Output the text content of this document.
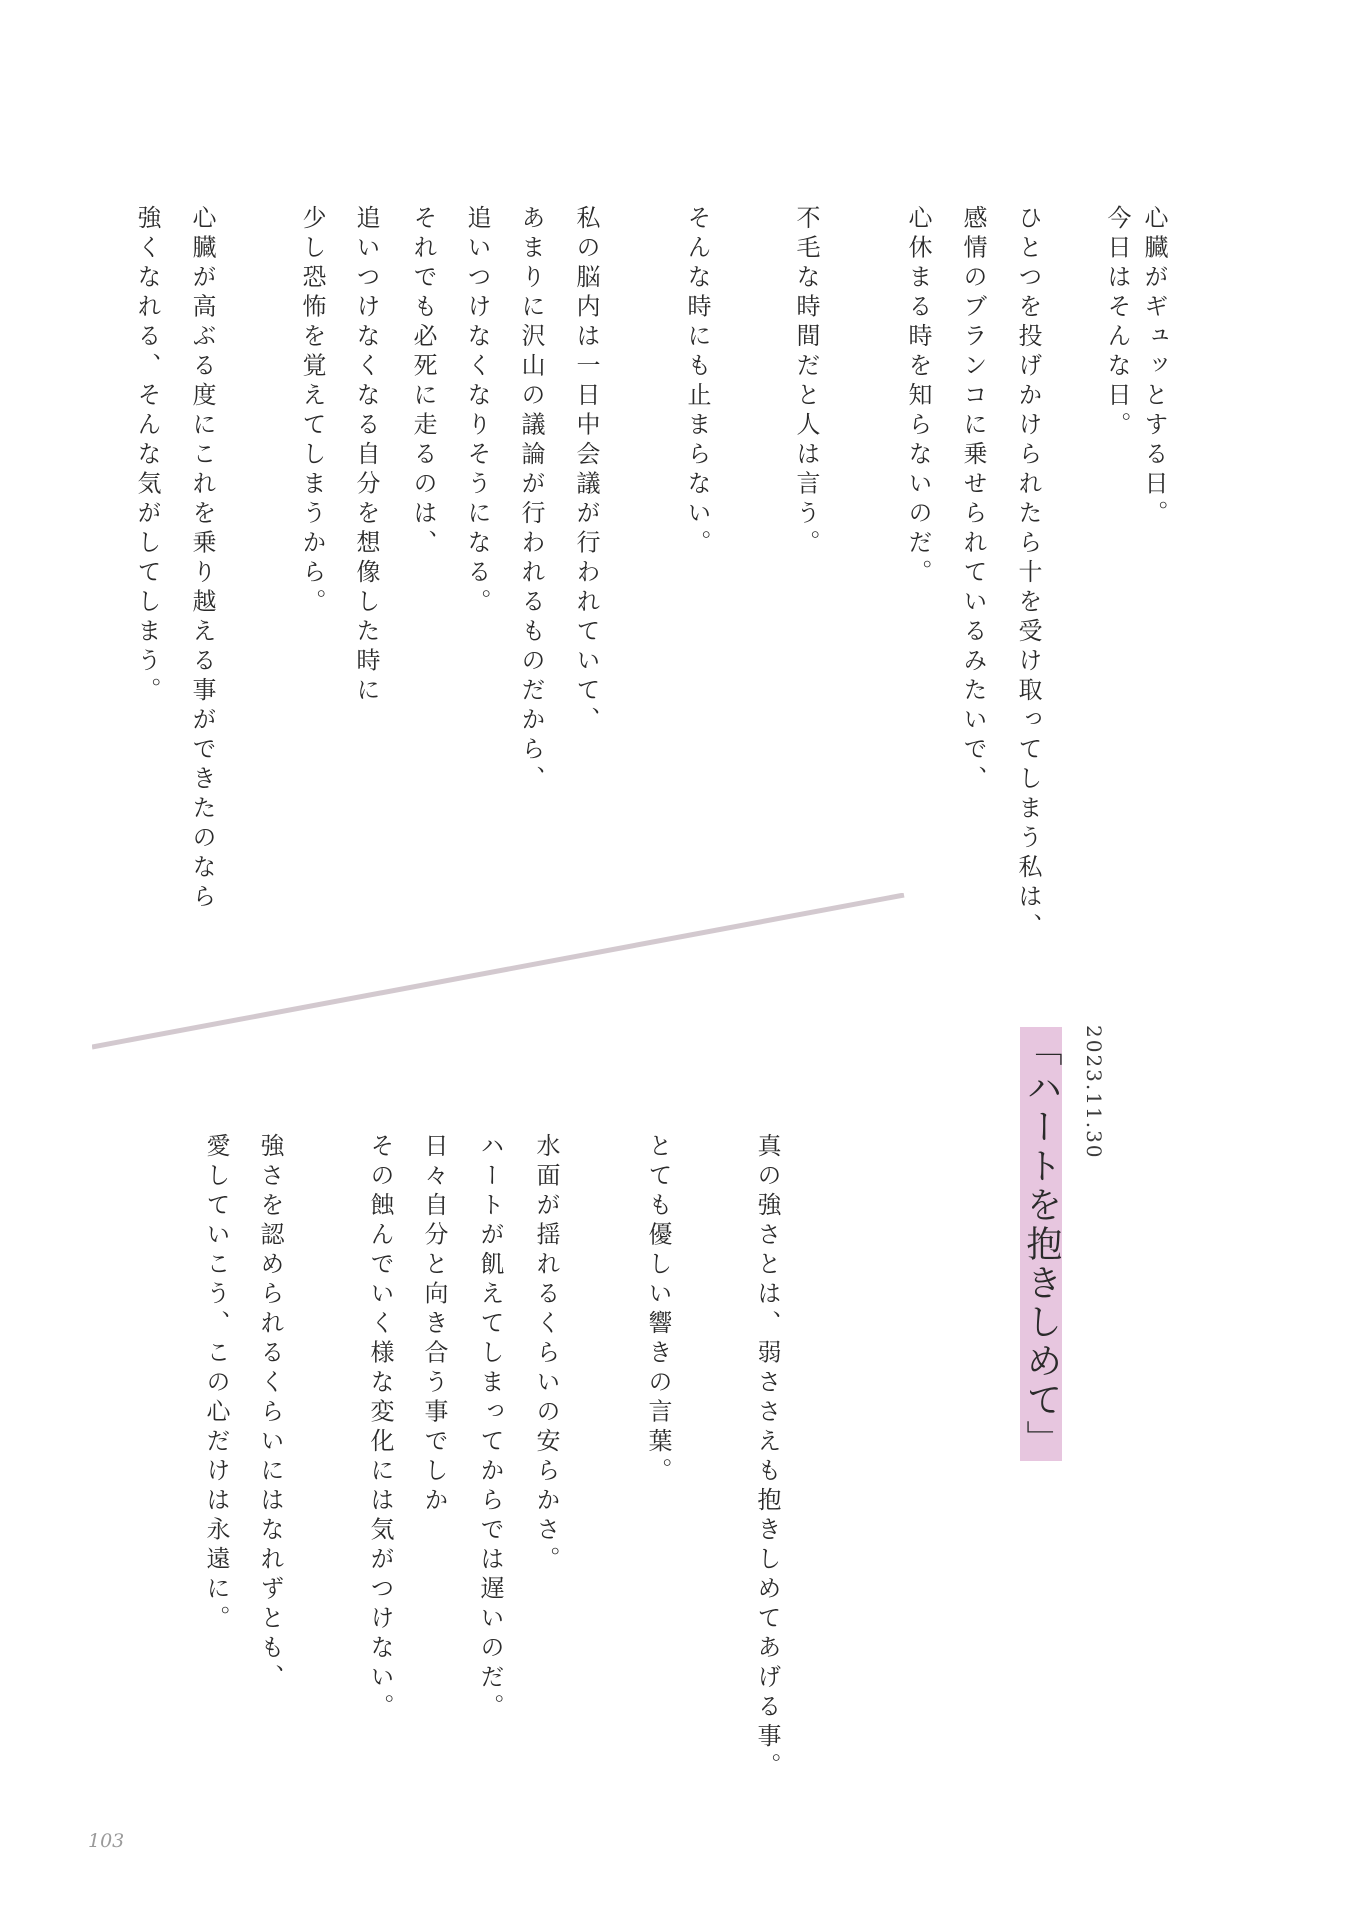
心臓がギュッとする日。
今日はそんな日。
ひとつを投げかけられたら十を受け取ってしまう私は、
感情のブランコに乗せられているみたいで、
心休まる時を知らないのだ。
不毛な時間だと人は言う。
そんな時にも止まらない。
私の脳内は一日中会議が行われていて、
あまりに沢山の議論が行われるものだから、
追いつけなくなりそうになる。
それでも必死に走るのは、
追いつけなくなる自分を想像した時に
少し恐怖を覚えてしまうから。
心臓が高ぶる度にこれを乗り越える事ができたのなら
強くなれる、そんな気がしてしまう。
「ハートを抱きしめて」 2023.11.30
真の強さとは、弱ささえも抱きしめてあげる事。
とても優しい響きの言葉。
水面が揺れるくらいの安らかさ。
ハートが飢えてしまってからでは遅いのだ。
日々自分と向き合う事でしか
その蝕んでいく様な変化には気がつけない。
強さを認められるくらいにはなれずとも、
愛していこう、この心だけは永遠に。
103
